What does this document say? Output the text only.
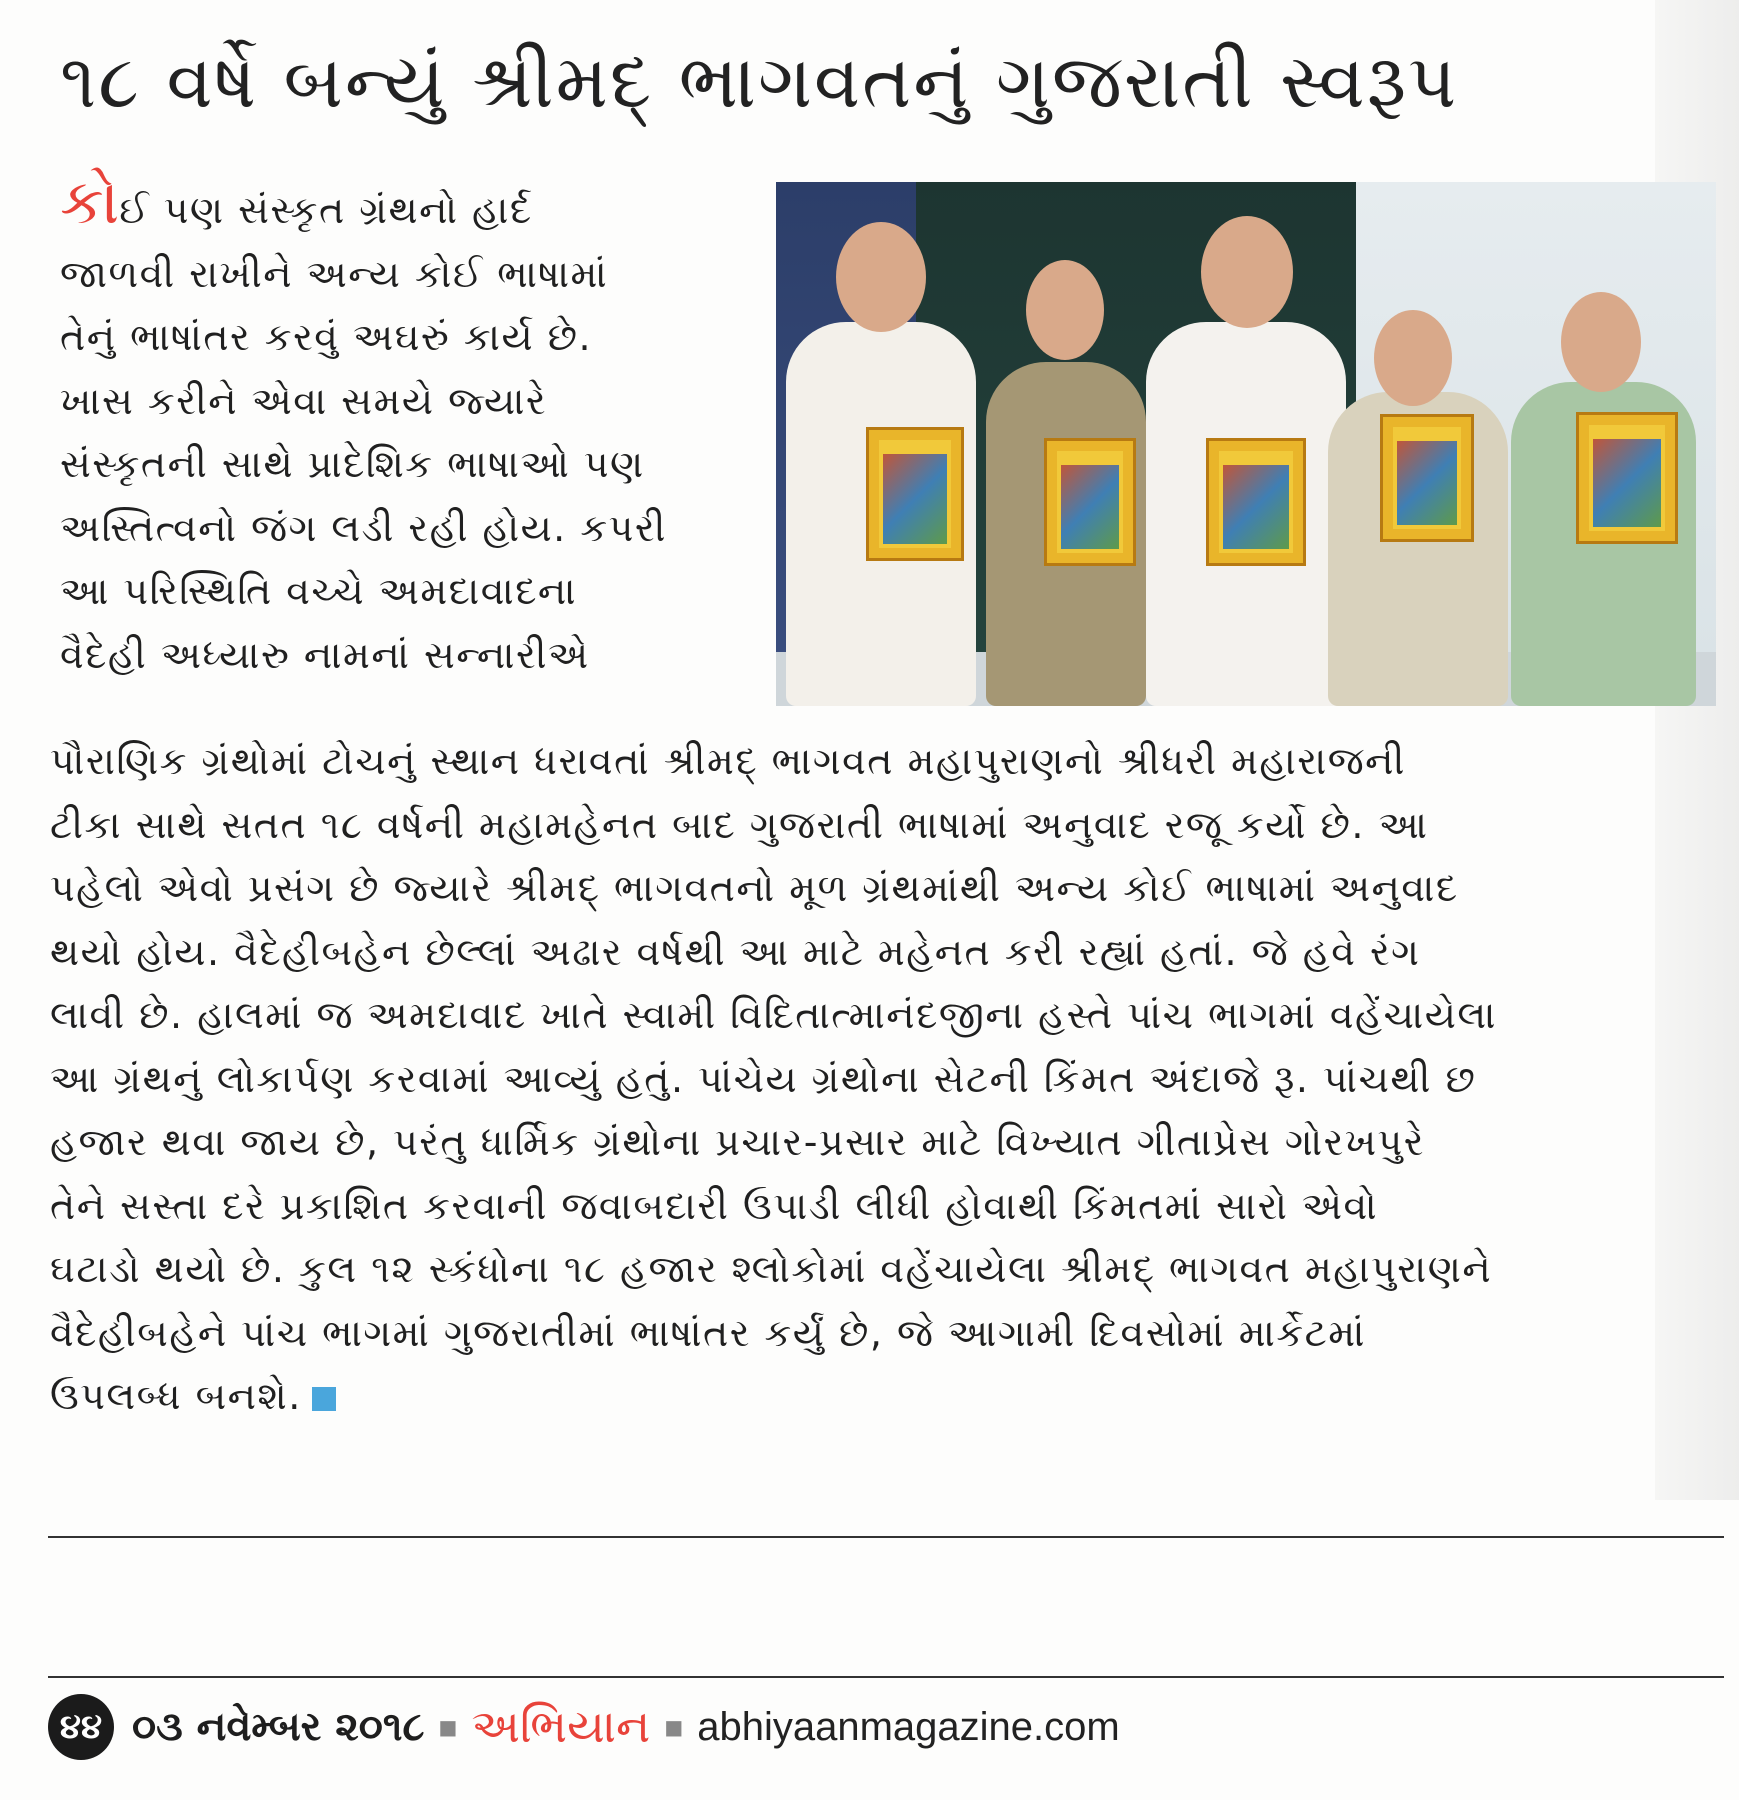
૧૮ વર્ષે બન્યું શ્રીમદ્ ભાગવતનું ગુજરાતી સ્વરૂપ
કોઈ પણ સંસ્કૃત ગ્રંથનો હાર્દ
જાળવી રાખીને અન્ય કોઈ ભાષામાં
તેનું ભાષાંતર કરવું અઘરું કાર્ય છે.
ખાસ કરીને એવા સમયે જ્યારે
સંસ્કૃતની સાથે પ્રાદેશિક ભાષાઓ પણ
અસ્તિત્વનો જંગ લડી રહી હોય. કપરી
આ પરિસ્થિતિ વચ્ચે અમદાવાદના
વૈદેહી અધ્યારુ નામનાં સન્નારીએ
પૌરાણિક ગ્રંથોમાં ટોચનું સ્થાન ધરાવતાં શ્રીમદ્ ભાગવત મહાપુરાણનો શ્રીધરી મહારાજની
ટીકા સાથે સતત ૧૮ વર્ષની મહામહેનત બાદ ગુજરાતી ભાષામાં અનુવાદ રજૂ કર્યો છે. આ
પહેલો એવો પ્રસંગ છે જ્યારે શ્રીમદ્ ભાગવતનો મૂળ ગ્રંથમાંથી અન્ય કોઈ ભાષામાં અનુવાદ
થયો હોય. વૈદેહીબહેન છેલ્લાં અઢાર વર્ષથી આ માટે મહેનત કરી રહ્યાં હતાં. જે હવે રંગ
લાવી છે. હાલમાં જ અમદાવાદ ખાતે સ્વામી વિદિતાત્માનંદજીના હસ્તે પાંચ ભાગમાં વહેંચાયેલા
આ ગ્રંથનું લોકાર્પણ કરવામાં આવ્યું હતું. પાંચેય ગ્રંથોના સેટની કિંમત અંદાજે રૂ. પાંચથી છ
હજાર થવા જાય છે, પરંતુ ધાર્મિક ગ્રંથોના પ્રચાર-પ્રસાર માટે વિખ્યાત ગીતાપ્રેસ ગોરખપુરે
તેને સસ્તા દરે પ્રકાશિત કરવાની જવાબદારી ઉપાડી લીધી હોવાથી કિંમતમાં સારો એવો
ઘટાડો થયો છે. કુલ ૧૨ સ્કંધોના ૧૮ હજાર શ્લોકોમાં વહેંચાયેલા શ્રીમદ્ ભાગવત મહાપુરાણને
વૈદેહીબહેને પાંચ ભાગમાં ગુજરાતીમાં ભાષાંતર કર્યું છે, જે આગામી દિવસોમાં માર્કેટમાં
ઉપલબ્ધ બનશે.
૪૪ ૦૩ નવેમ્બર ૨૦૧૮ ■ અભિયાન ■ abhiyaanmagazine.com
